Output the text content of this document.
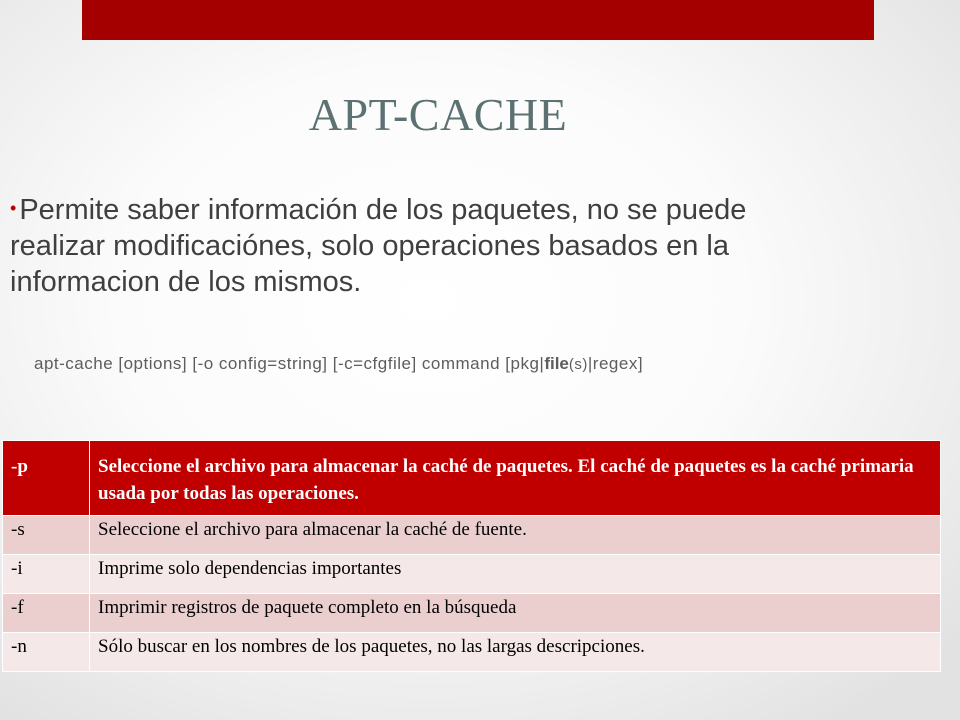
APT-CACHE
• Permite saber información de los paquetes, no se puede realizar modificaciónes, solo operaciones basados en la informacion de los mismos.
apt-cache [options] [-o config=string] [-c=cfgfile] command [pkg|file(s)|regex]
-p	Seleccione el archivo para almacenar la caché de paquetes. El caché de paquetes es la caché primaria usada por todas las operaciones.
-s	Seleccione el archivo para almacenar la caché de fuente.
-i	Imprime solo dependencias importantes
-f	Imprimir registros de paquete completo en la búsqueda
-n	Sólo buscar en los nombres de los paquetes, no las largas descripciones.
